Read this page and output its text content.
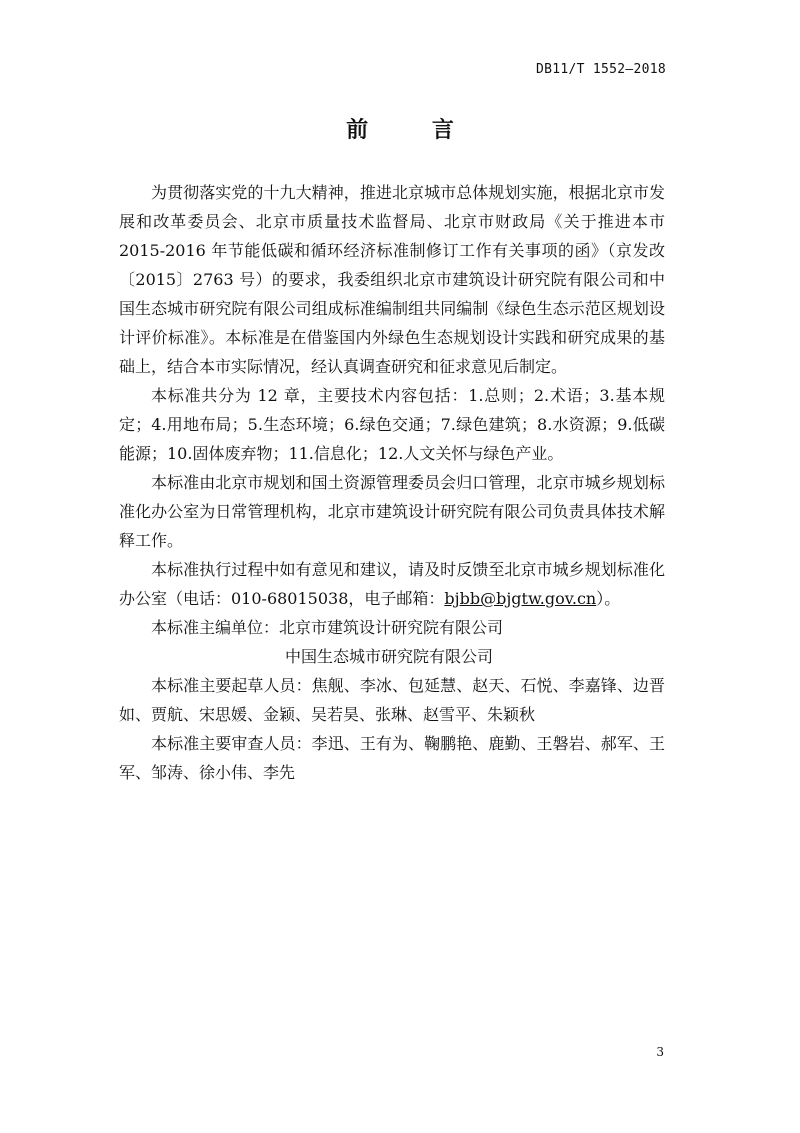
DB11/T 1552—2018
前 言

为贯彻落实党的十九大精神，推进北京城市总体规划实施，根据北京市发展和改革委员会、北京市质量技术监督局、北京市财政局《关于推进本市2015-2016 年节能低碳和循环经济标准制修订工作有关事项的函》（京发改〔2015〕2763 号）的要求，我委组织北京市建筑设计研究院有限公司和中国生态城市研究院有限公司组成标准编制组共同编制《绿色生态示范区规划设计评价标准》。本标准是在借鉴国内外绿色生态规划设计实践和研究成果的基础上，结合本市实际情况，经认真调查研究和征求意见后制定。

本标准共分为 12 章，主要技术内容包括：1.总则；2.术语；3.基本规定；4.用地布局；5.生态环境；6.绿色交通；7.绿色建筑；8.水资源；9.低碳能源；10.固体废弃物；11.信息化；12.人文关怀与绿色产业。

本标准由北京市规划和国土资源管理委员会归口管理，北京市城乡规划标准化办公室为日常管理机构，北京市建筑设计研究院有限公司负责具体技术解释工作。

本标准执行过程中如有意见和建议，请及时反馈至北京市城乡规划标准化办公室（电话：010-68015038，电子邮箱：bjbb@bjgtw.gov.cn）。

本标准主编单位：北京市建筑设计研究院有限公司

中国生态城市研究院有限公司

本标准主要起草人员：焦舰、李冰、包延慧、赵天、石悦、李嘉锋、边晋如、贾航、宋思媛、金颖、吴若昊、张琳、赵雪平、朱颖秋

本标准主要审查人员：李迅、王有为、鞠鹏艳、鹿勤、王磐岩、郝军、王军、邹涛、徐小伟、李先

3
